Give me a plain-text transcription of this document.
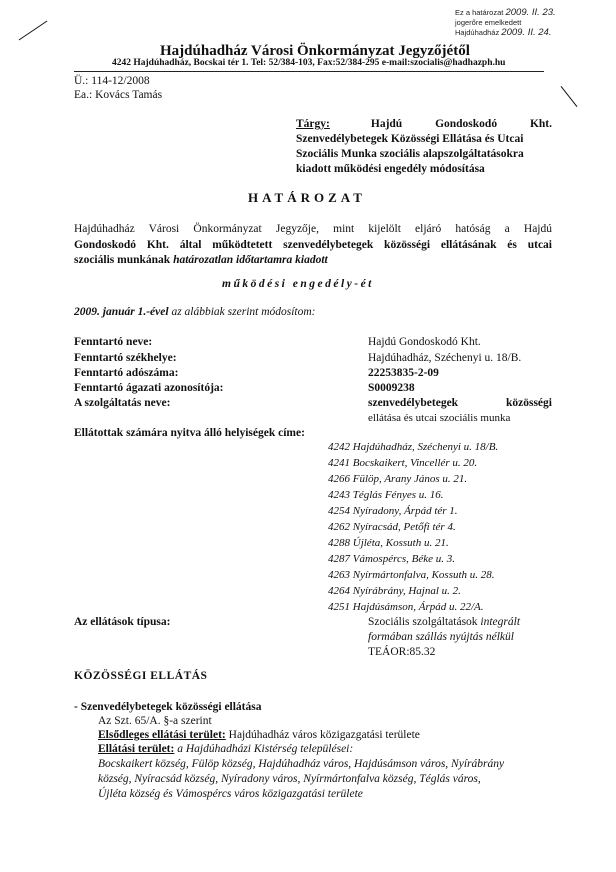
Ez a határozat 2009. II. 23.
jogerőre emelkedett
Hajdúhadház 2009. II. 24.
Hajdúhadház Városi Önkormányzat Jegyzőjétől
4242 Hajdúhadház, Bocskai tér 1. Tel: 52/384-103, Fax:52/384-295 e-mail:szocialis@hadhazph.hu
Ü.: 114-12/2008
Ea.: Kovács Tamás
Tárgy:	Hajdú Gondoskodó Kht.
Szenvedélybetegek Közösségi Ellátása és Utcai
Szociális Munka szociális alapszolgáltatásokra
kiadott működési engedély módosítása
HATÁROZAT
Hajdúhadház Városi Önkormányzat Jegyzője, mint kijelölt eljáró hatóság a Hajdú
Gondoskodó Kht. által működtetett szenvedélybetegek közösségi ellátásának és utcai
szociális munkának határozatlan időtartamra kiadott
működési engedély-ét
2009. január 1.-ével az alábbiak szerint módosítom:
Fenntartó neve:	Hajdú Gondoskodó Kht.
Fenntartó székhelye:	Hajdúhadház, Széchenyi u. 18/B.
Fenntartó adószáma:	22253835-2-09
Fenntartó ágazati azonosítója:	S0009238
A szolgáltatás neve:	szenvedélybetegek közösségi
ellátása és utcai szociális munka
Ellátottak számára nyitva álló helyiségek címe:
4242 Hajdúhadház, Széchenyi u. 18/B.
4241 Bocskaikert, Vincellér u. 20.
4266 Fülöp, Arany János u. 21.
4243 Téglás Fényes u. 16.
4254 Nyíradony, Árpád tér 1.
4262 Nyíracsád, Petőfi tér 4.
4288 Újléta, Kossuth u. 21.
4287 Vámospércs, Béke u. 3.
4263 Nyírmártonfalva, Kossuth u. 28.
4264 Nyírábrány, Hajnal u. 2.
4251 Hajdúsámson, Árpád u. 22/A.
Az ellátások típusa:	Szociális szolgáltatások integrált
formában szállás nyújtás nélkül
TEÁOR:85.32
KÖZÖSSÉGI ELLÁTÁS
- Szenvedélybetegek közösségi ellátása
Az Szt. 65/A. §-a szerint
Elsődleges ellátási terület: Hajdúhadház város közigazgatási területe
Ellátási terület: a Hajdúhadházi Kistérség települései:
Bocskaikert község, Fülöp község, Hajdúhadház város, Hajdúsámson város, Nyírábrány
község, Nyíracsád község, Nyíradony város, Nyírmártonfalva község, Téglás város,
Újléta község és Vámospércs város közigazgatási területe
